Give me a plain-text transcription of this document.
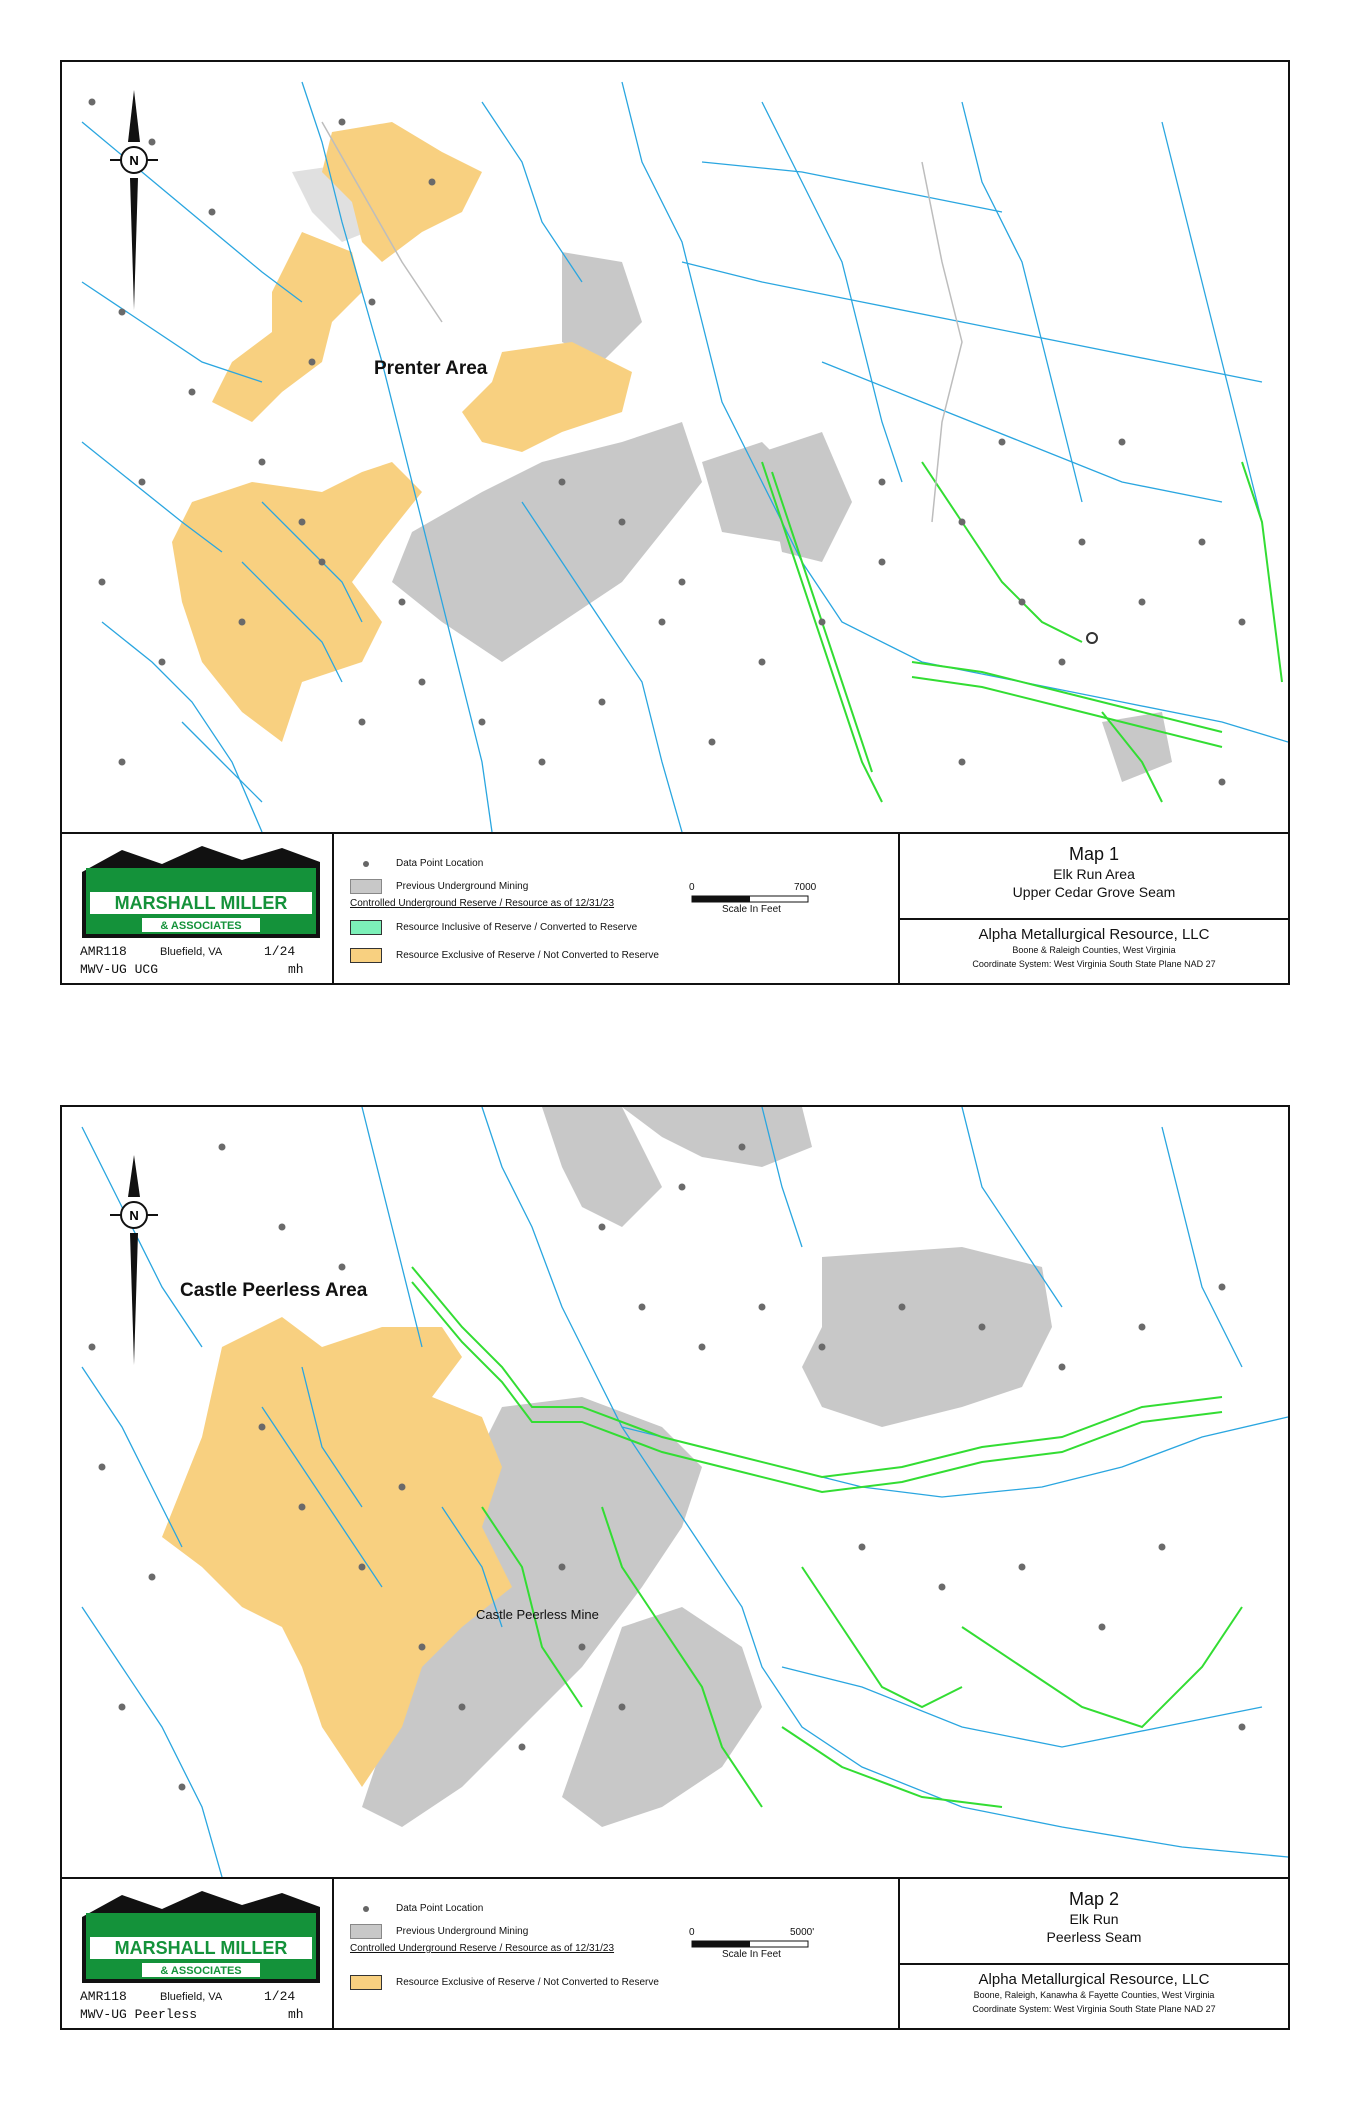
N
Prenter Area
MARSHALL MILLER
& ASSOCIATES
AMR118	Bluefield, VA	1/24
MWV-UG UCG	mh
Data Point Location
Previous Underground Mining
Controlled Underground Reserve / Resource as of 12/31/23
Resource Inclusive of Reserve / Converted to Reserve
Resource Exclusive of Reserve / Not Converted to Reserve
0	7000
Scale In Feet
Map 1
Elk Run Area
Upper Cedar Grove Seam
Alpha Metallurgical Resource, LLC
Boone & Raleigh Counties, West Virginia
Coordinate System: West Virginia South State Plane NAD 27
N
Castle Peerless Area
Castle Peerless Mine
MARSHALL MILLER
& ASSOCIATES
AMR118	Bluefield, VA	1/24
MWV-UG Peerless	mh
Data Point Location
Previous Underground Mining
Controlled Underground Reserve / Resource as of 12/31/23
Resource Exclusive of Reserve / Not Converted to Reserve
0	5000'
Scale In Feet
Map 2
Elk Run
Peerless Seam
Alpha Metallurgical Resource, LLC
Boone, Raleigh, Kanawha & Fayette Counties, West Virginia
Coordinate System: West Virginia South State Plane NAD 27
